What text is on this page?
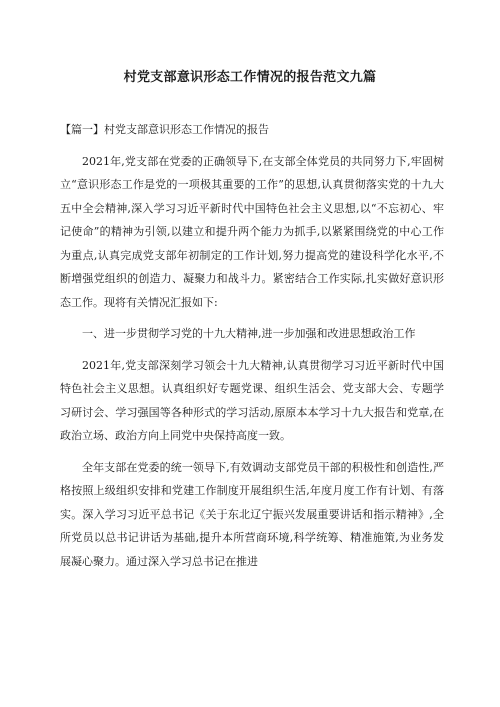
村党支部意识形态工作情况的报告范文九篇
【篇一】村党支部意识形态工作情况的报告

2021年,党支部在党委的正确领导下,在支部全体党员的共同努力下,牢固树立“意识形态工作是党的一项极其重要的工作”的思想,认真贯彻落实党的十九大五中全会精神,深入学习习近平新时代中国特色社会主义思想,以“不忘初心、牢记使命”的精神为引领,以建立和提升两个能力为抓手,以紧紧围绕党的中心工作为重点,认真完成党支部年初制定的工作计划,努力提高党的建设科学化水平,不断增强党组织的创造力、凝聚力和战斗力。紧密结合工作实际,扎实做好意识形态工作。现将有关情况汇报如下:

一、进一步贯彻学习党的十九大精神,进一步加强和改进思想政治工作

2021年,党支部深刻学习领会十九大精神,认真贯彻学习习近平新时代中国特色社会主义思想。认真组织好专题党课、组织生活会、党支部大会、专题学习研讨会、学习强国等各种形式的学习活动,原原本本学习十九大报告和党章,在政治立场、政治方向上同党中央保持高度一致。

全年支部在党委的统一领导下,有效调动支部党员干部的积极性和创造性,严格按照上级组织安排和党建工作制度开展组织生活,年度月度工作有计划、有落实。深入学习习近平总书记《关于东北辽宁振兴发展重要讲话和指示精神》,全所党员以总书记讲话为基础,提升本所营商环境,科学统筹、精准施策,为业务发展凝心聚力。通过深入学习总书记在推进
